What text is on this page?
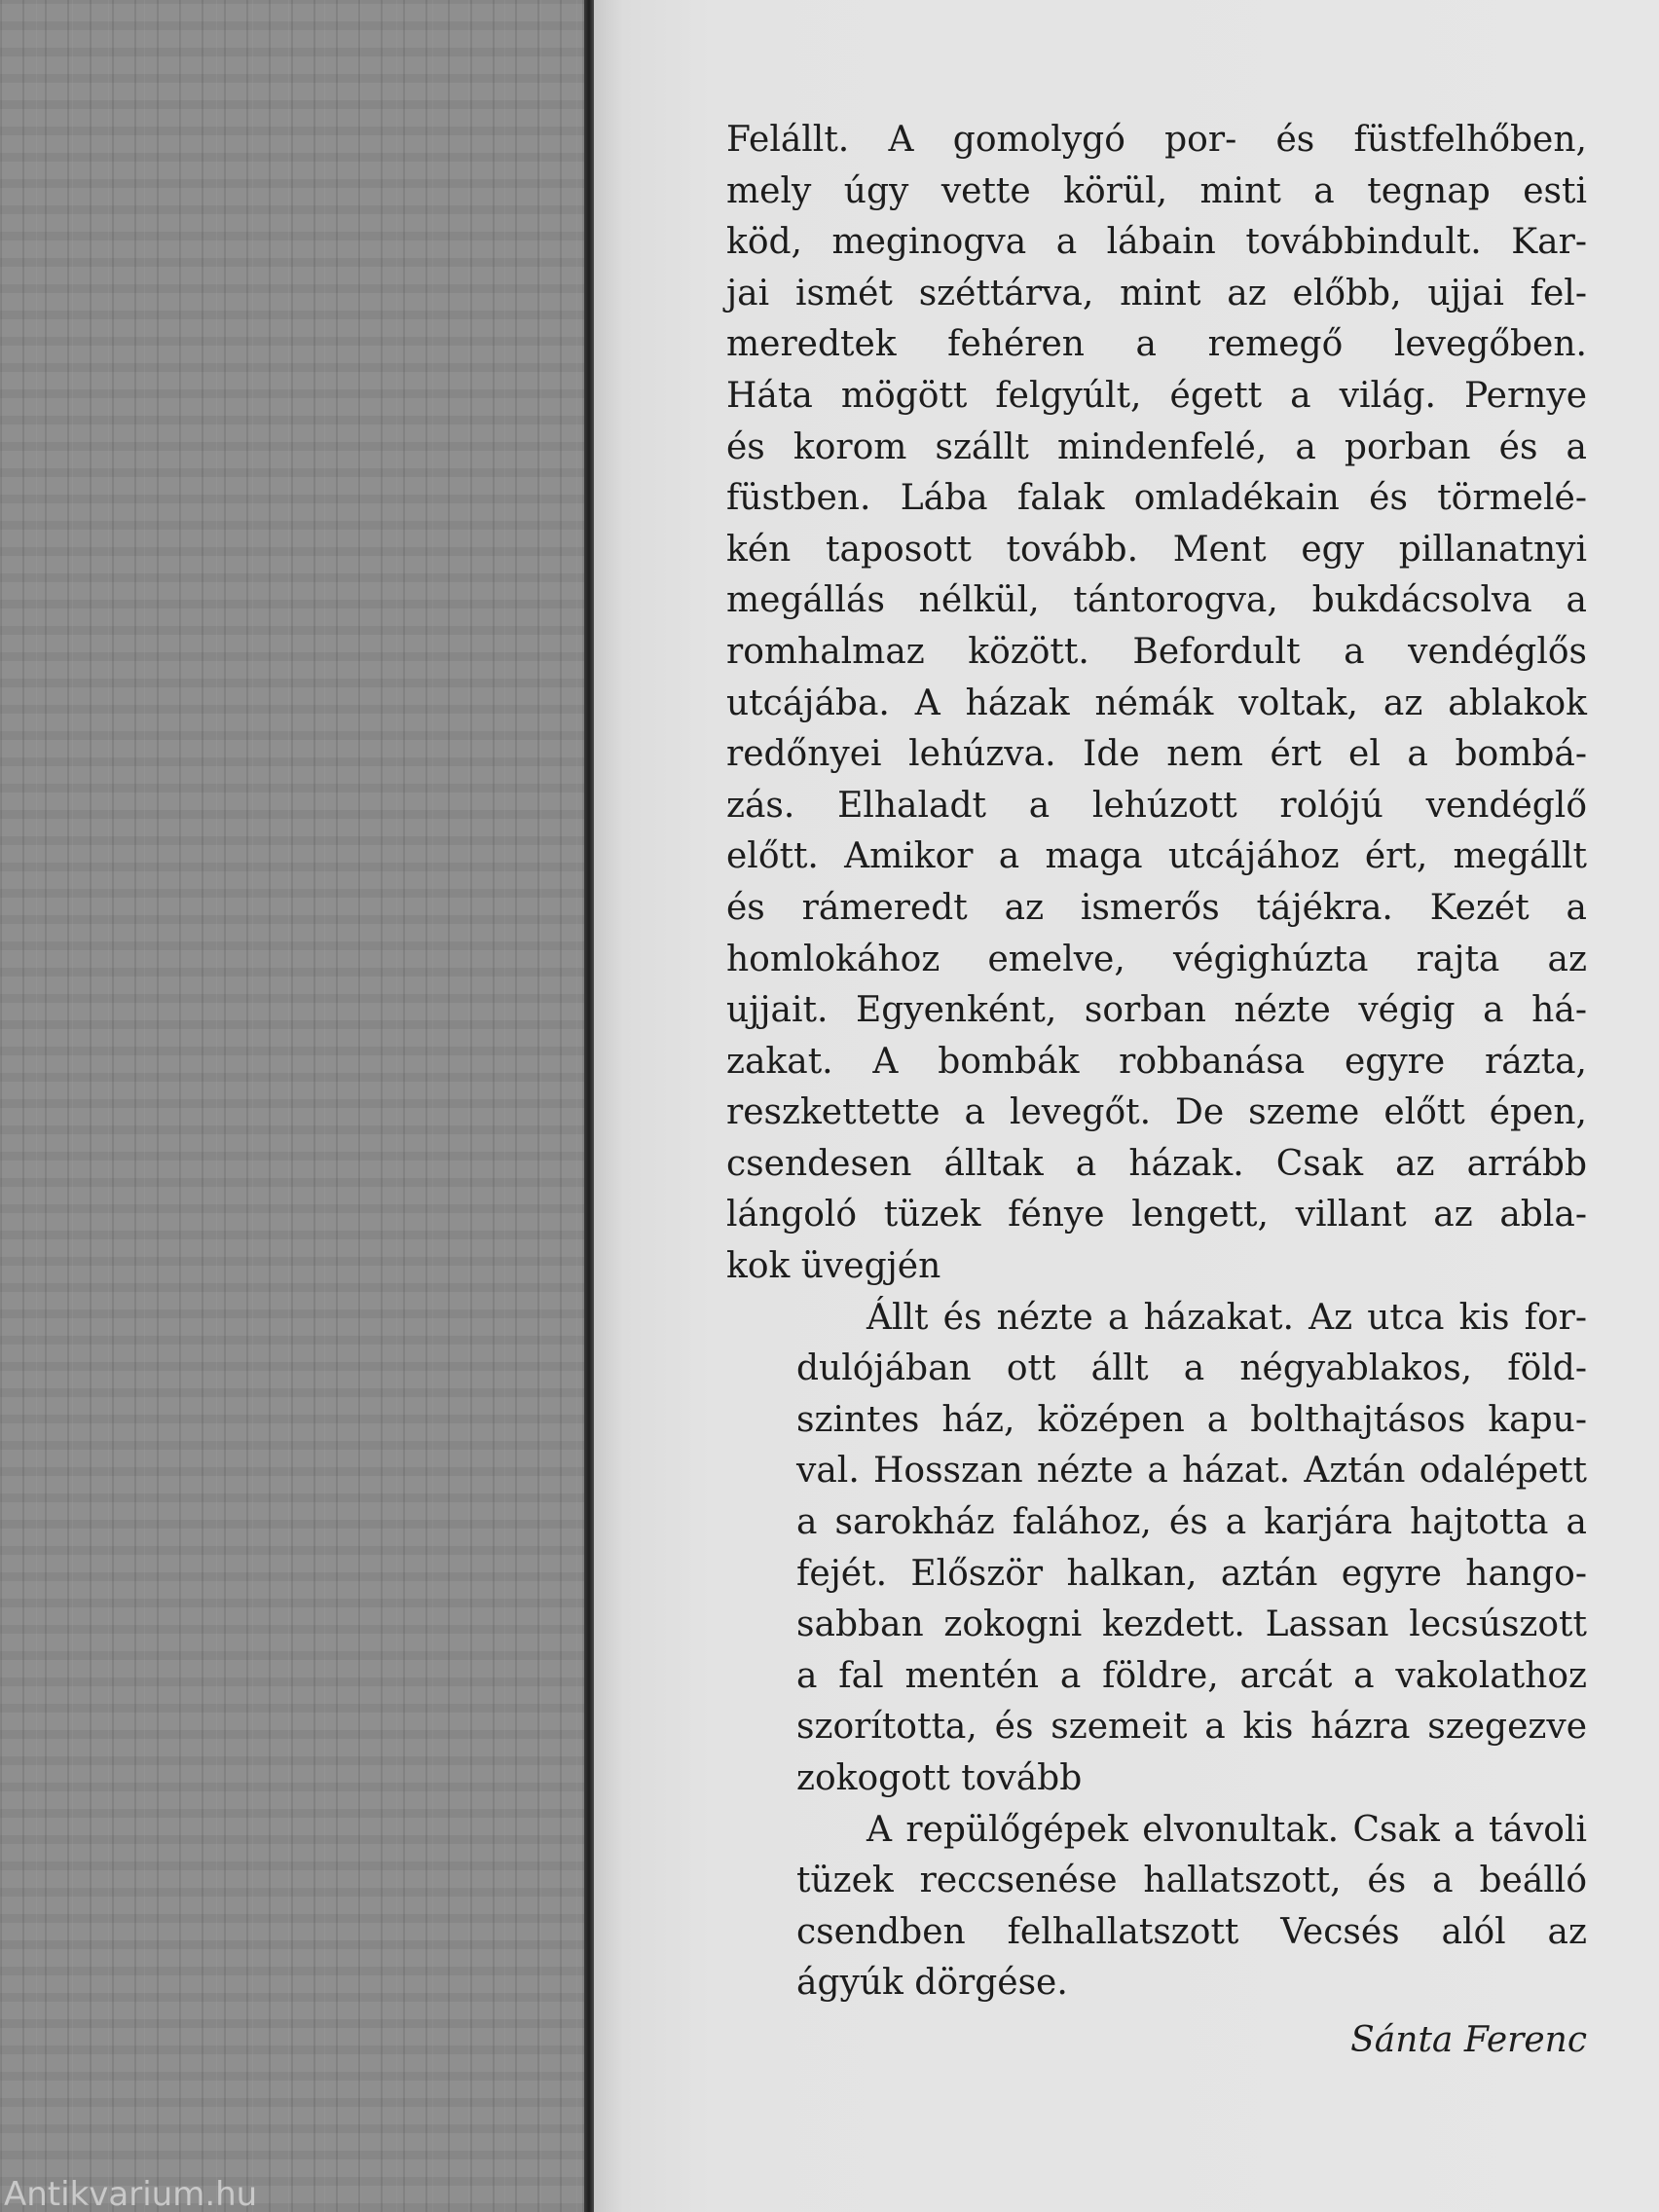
Felállt. A gomolygó por- és füstfelhőben,
mely úgy vette körül, mint a tegnap esti
köd, meginogva a lábain továbbindult. Kar-
jai ismét széttárva, mint az előbb, ujjai fel-
meredtek fehéren a remegő levegőben.
Háta mögött felgyúlt, égett a világ. Pernye
és korom szállt mindenfelé, a porban és a
füstben. Lába falak omladékain és törmelé-
kén taposott tovább. Ment egy pillanatnyi
megállás nélkül, tántorogva, bukdácsolva a
romhalmaz között. Befordult a vendéglős
utcájába. A házak némák voltak, az ablakok
redőnyei lehúzva. Ide nem ért el a bombá-
zás. Elhaladt a lehúzott rolójú vendéglő
előtt. Amikor a maga utcájához ért, megállt
és rámeredt az ismerős tájékra. Kezét a
homlokához emelve, végighúzta rajta az
ujjait. Egyenként, sorban nézte végig a há-
zakat. A bombák robbanása egyre rázta,
reszkettette a levegőt. De szeme előtt épen,
csendesen álltak a házak. Csak az arrább
lángoló tüzek fénye lengett, villant az abla-
kok üvegjén
Állt és nézte a házakat. Az utca kis for-
dulójában ott állt a négyablakos, föld-
szintes ház, középen a bolthajtásos kapu-
val. Hosszan nézte a házat. Aztán odalépett
a sarokház falához, és a karjára hajtotta a
fejét. Először halkan, aztán egyre hango-
sabban zokogni kezdett. Lassan lecsúszott
a fal mentén a földre, arcát a vakolathoz
szorította, és szemeit a kis házra szegezve
zokogott tovább
A repülőgépek elvonultak. Csak a távoli
tüzek reccsenése hallatszott, és a beálló
csendben felhallatszott Vecsés alól az
ágyúk dörgése.
Sánta Ferenc
Antikvarium.hu
